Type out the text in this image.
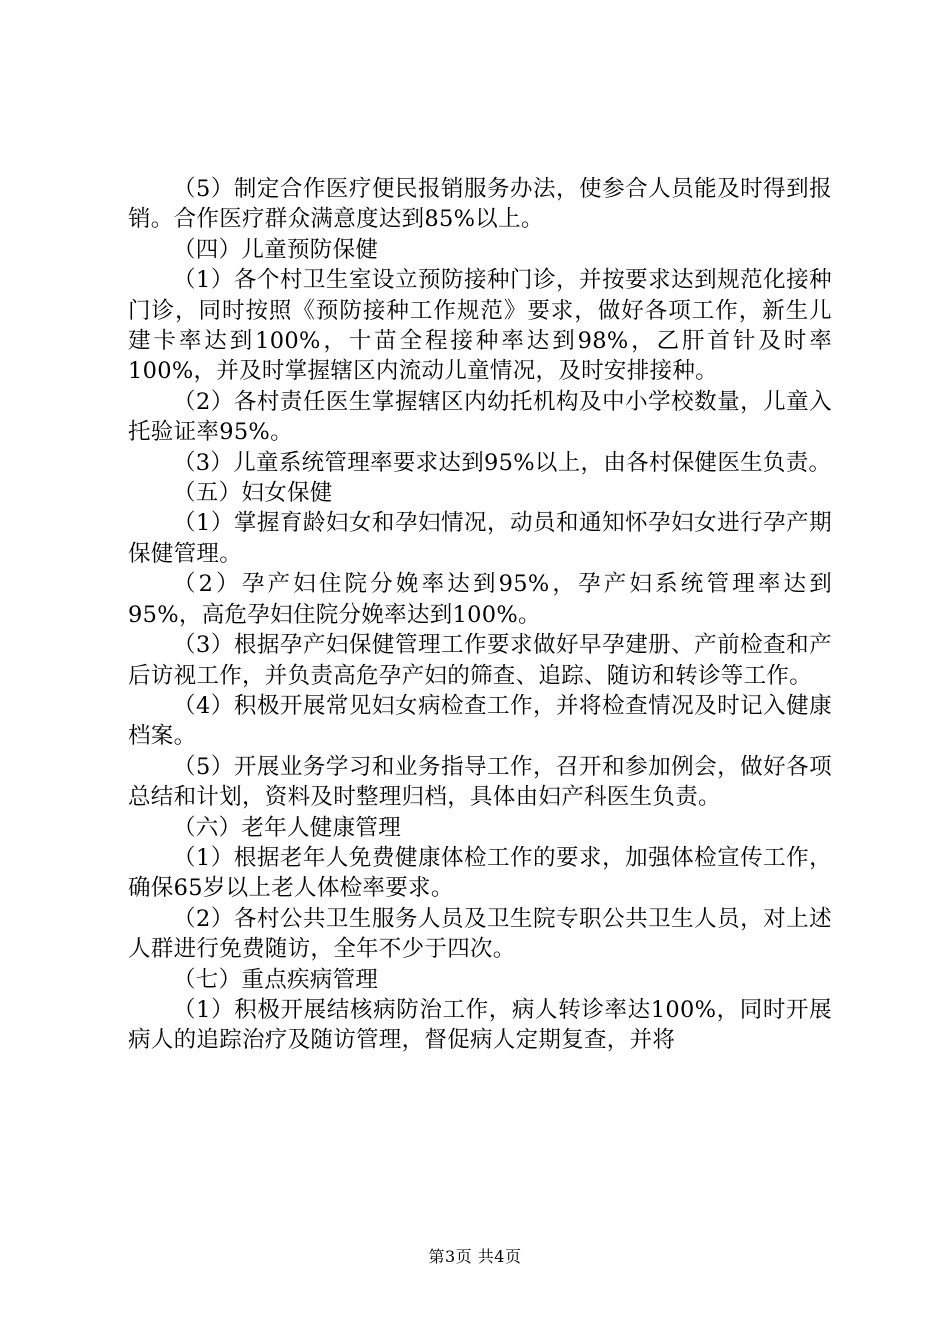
（5）制定合作医疗便民报销服务办法，使参合人员能及时得到报销。合作医疗群众满意度达到85%以上。

（四）儿童预防保健

（1）各个村卫生室设立预防接种门诊，并按要求达到规范化接种门诊，同时按照《预防接种工作规范》要求，做好各项工作，新生儿建卡率达到100%，十苗全程接种率达到98%，乙肝首针及时率100%，并及时掌握辖区内流动儿童情况，及时安排接种。

（2）各村责任医生掌握辖区内幼托机构及中小学校数量，儿童入托验证率95%。

（3）儿童系统管理率要求达到95%以上，由各村保健医生负责。

（五）妇女保健

（1）掌握育龄妇女和孕妇情况，动员和通知怀孕妇女进行孕产期保健管理。

（2）孕产妇住院分娩率达到95%，孕产妇系统管理率达到95%，高危孕妇住院分娩率达到100%。

（3）根据孕产妇保健管理工作要求做好早孕建册、产前检查和产后访视工作，并负责高危孕产妇的筛查、追踪、随访和转诊等工作。

（4）积极开展常见妇女病检查工作，并将检查情况及时记入健康档案。

（5）开展业务学习和业务指导工作，召开和参加例会，做好各项总结和计划，资料及时整理归档，具体由妇产科医生负责。

（六）老年人健康管理

（1）根据老年人免费健康体检工作的要求，加强体检宣传工作，确保65岁以上老人体检率要求。

（2）各村公共卫生服务人员及卫生院专职公共卫生人员，对上述人群进行免费随访，全年不少于四次。

（七）重点疾病管理

（1）积极开展结核病防治工作，病人转诊率达100%，同时开展病人的追踪治疗及随访管理，督促病人定期复查，并将

第3页 共4页
